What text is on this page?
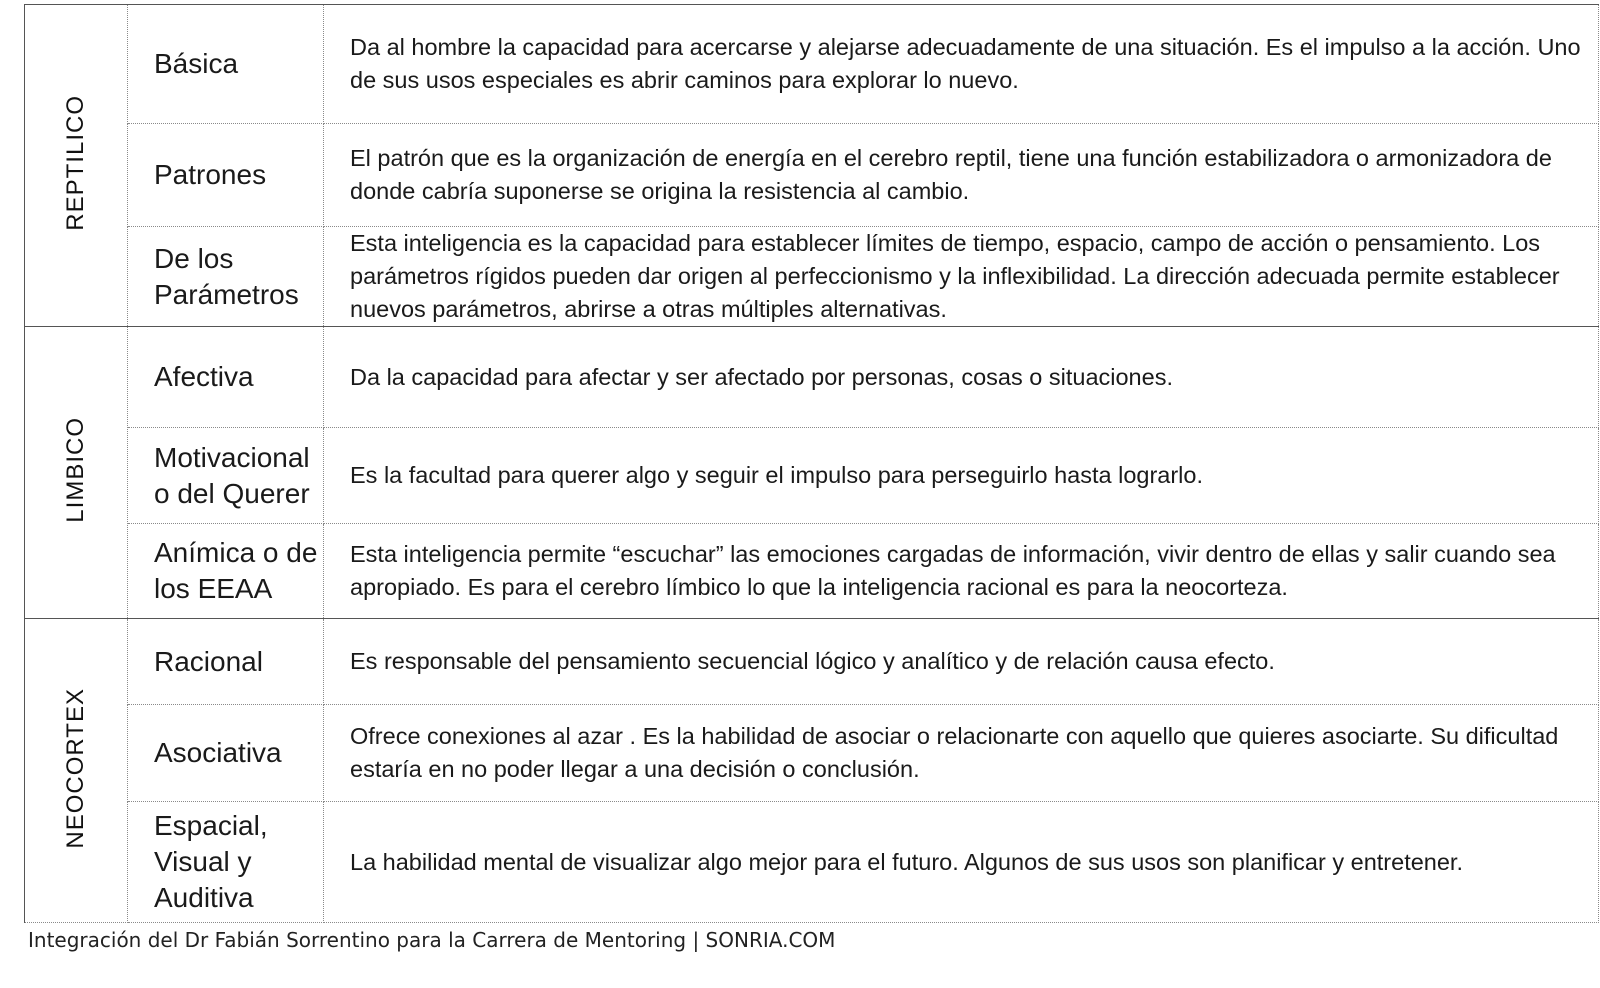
REPTILICO	Básica	Da al hombre la capacidad para acercarse y alejarse adecuadamente de una situación. Es el impulso a la acción. Uno de sus usos especiales es abrir caminos para explorar lo nuevo.
	Patrones	El patrón que es la organización de energía en el cerebro reptil, tiene una función estabilizadora o armonizadora de donde cabría suponerse se origina la resistencia al cambio.

	De los Parámetros	Esta inteligencia es la capacidad para establecer límites de tiempo, espacio, campo de acción o pensamiento. Los parámetros rígidos pueden dar origen al perfeccionismo y la inflexibilidad. La dirección adecuada permite establecer nuevos parámetros, abrirse a otras múltiples alternativas.
LIMBICO	Afectiva	Da la capacidad para afectar y ser afectado por personas, cosas o situaciones.

	Motivacional o del Querer	Es la facultad para querer algo y seguir el impulso para perseguirlo hasta lograrlo.

	Anímica o de los EEAA	Esta inteligencia permite “escuchar” las emociones cargadas de información, vivir dentro de ellas y salir cuando sea apropiado. Es para el cerebro límbico lo que la inteligencia racional es para la neocorteza.
NEOCORTEX	Racional	Es responsable del pensamiento secuencial lógico y analítico y de relación causa efecto.
	Asociativa	Ofrece conexiones al azar . Es la habilidad de asociar o relacionarte con aquello que quieres asociarte. Su dificultad estaría en no poder llegar a una decisión o conclusión.

	Espacial, Visual y Auditiva	La habilidad mental de visualizar algo mejor para el futuro. Algunos de sus usos son planificar y entretener.
Integración del Dr Fabián Sorrentino para la Carrera de Mentoring | SONRIA.COM
